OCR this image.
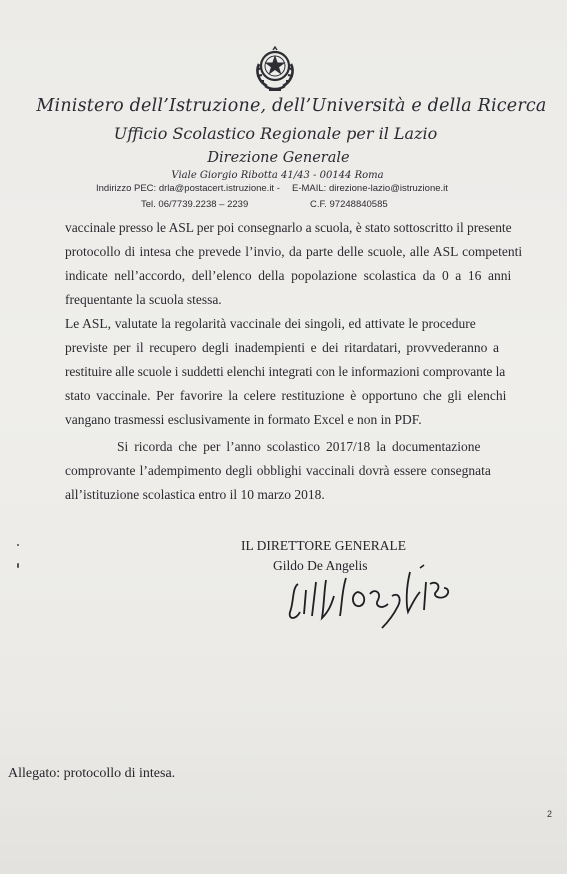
Ministero dell’Istruzione, dell’Università e della Ricerca
Ufficio Scolastico Regionale per il Lazio
Direzione Generale
Viale Giorgio Ribotta 41/43 - 00144 Roma
Indirizzo PEC: drla@postacert.istruzione.it - E-MAIL: direzione-lazio@istruzione.it
Tel. 06/7739.2238 – 2239	C.F. 97248840585
vaccinale presso le ASL per poi consegnarlo a scuola, è stato sottoscritto il presente
protocollo di intesa che prevede l’invio, da parte delle scuole, alle ASL competenti
indicate nell’accordo, dell’elenco della popolazione scolastica da 0 a 16 anni
frequentante la scuola stessa.
Le ASL, valutate la regolarità vaccinale dei singoli, ed attivate le procedure
previste per il recupero degli inadempienti e dei ritardatari, provvederanno a
restituire alle scuole i suddetti elenchi integrati con le informazioni comprovante la
stato vaccinale. Per favorire la celere restituzione è opportuno che gli elenchi
vangano trasmessi esclusivamente in formato Excel e non in PDF.
Si ricorda che per l’anno scolastico 2017/18 la documentazione
comprovante l’adempimento degli obblighi vaccinali dovrà essere consegnata
all’istituzione scolastica entro il 10 marzo 2018.
IL DIRETTORE GENERALE
Gildo De Angelis
Allegato: protocollo di intesa.
2
